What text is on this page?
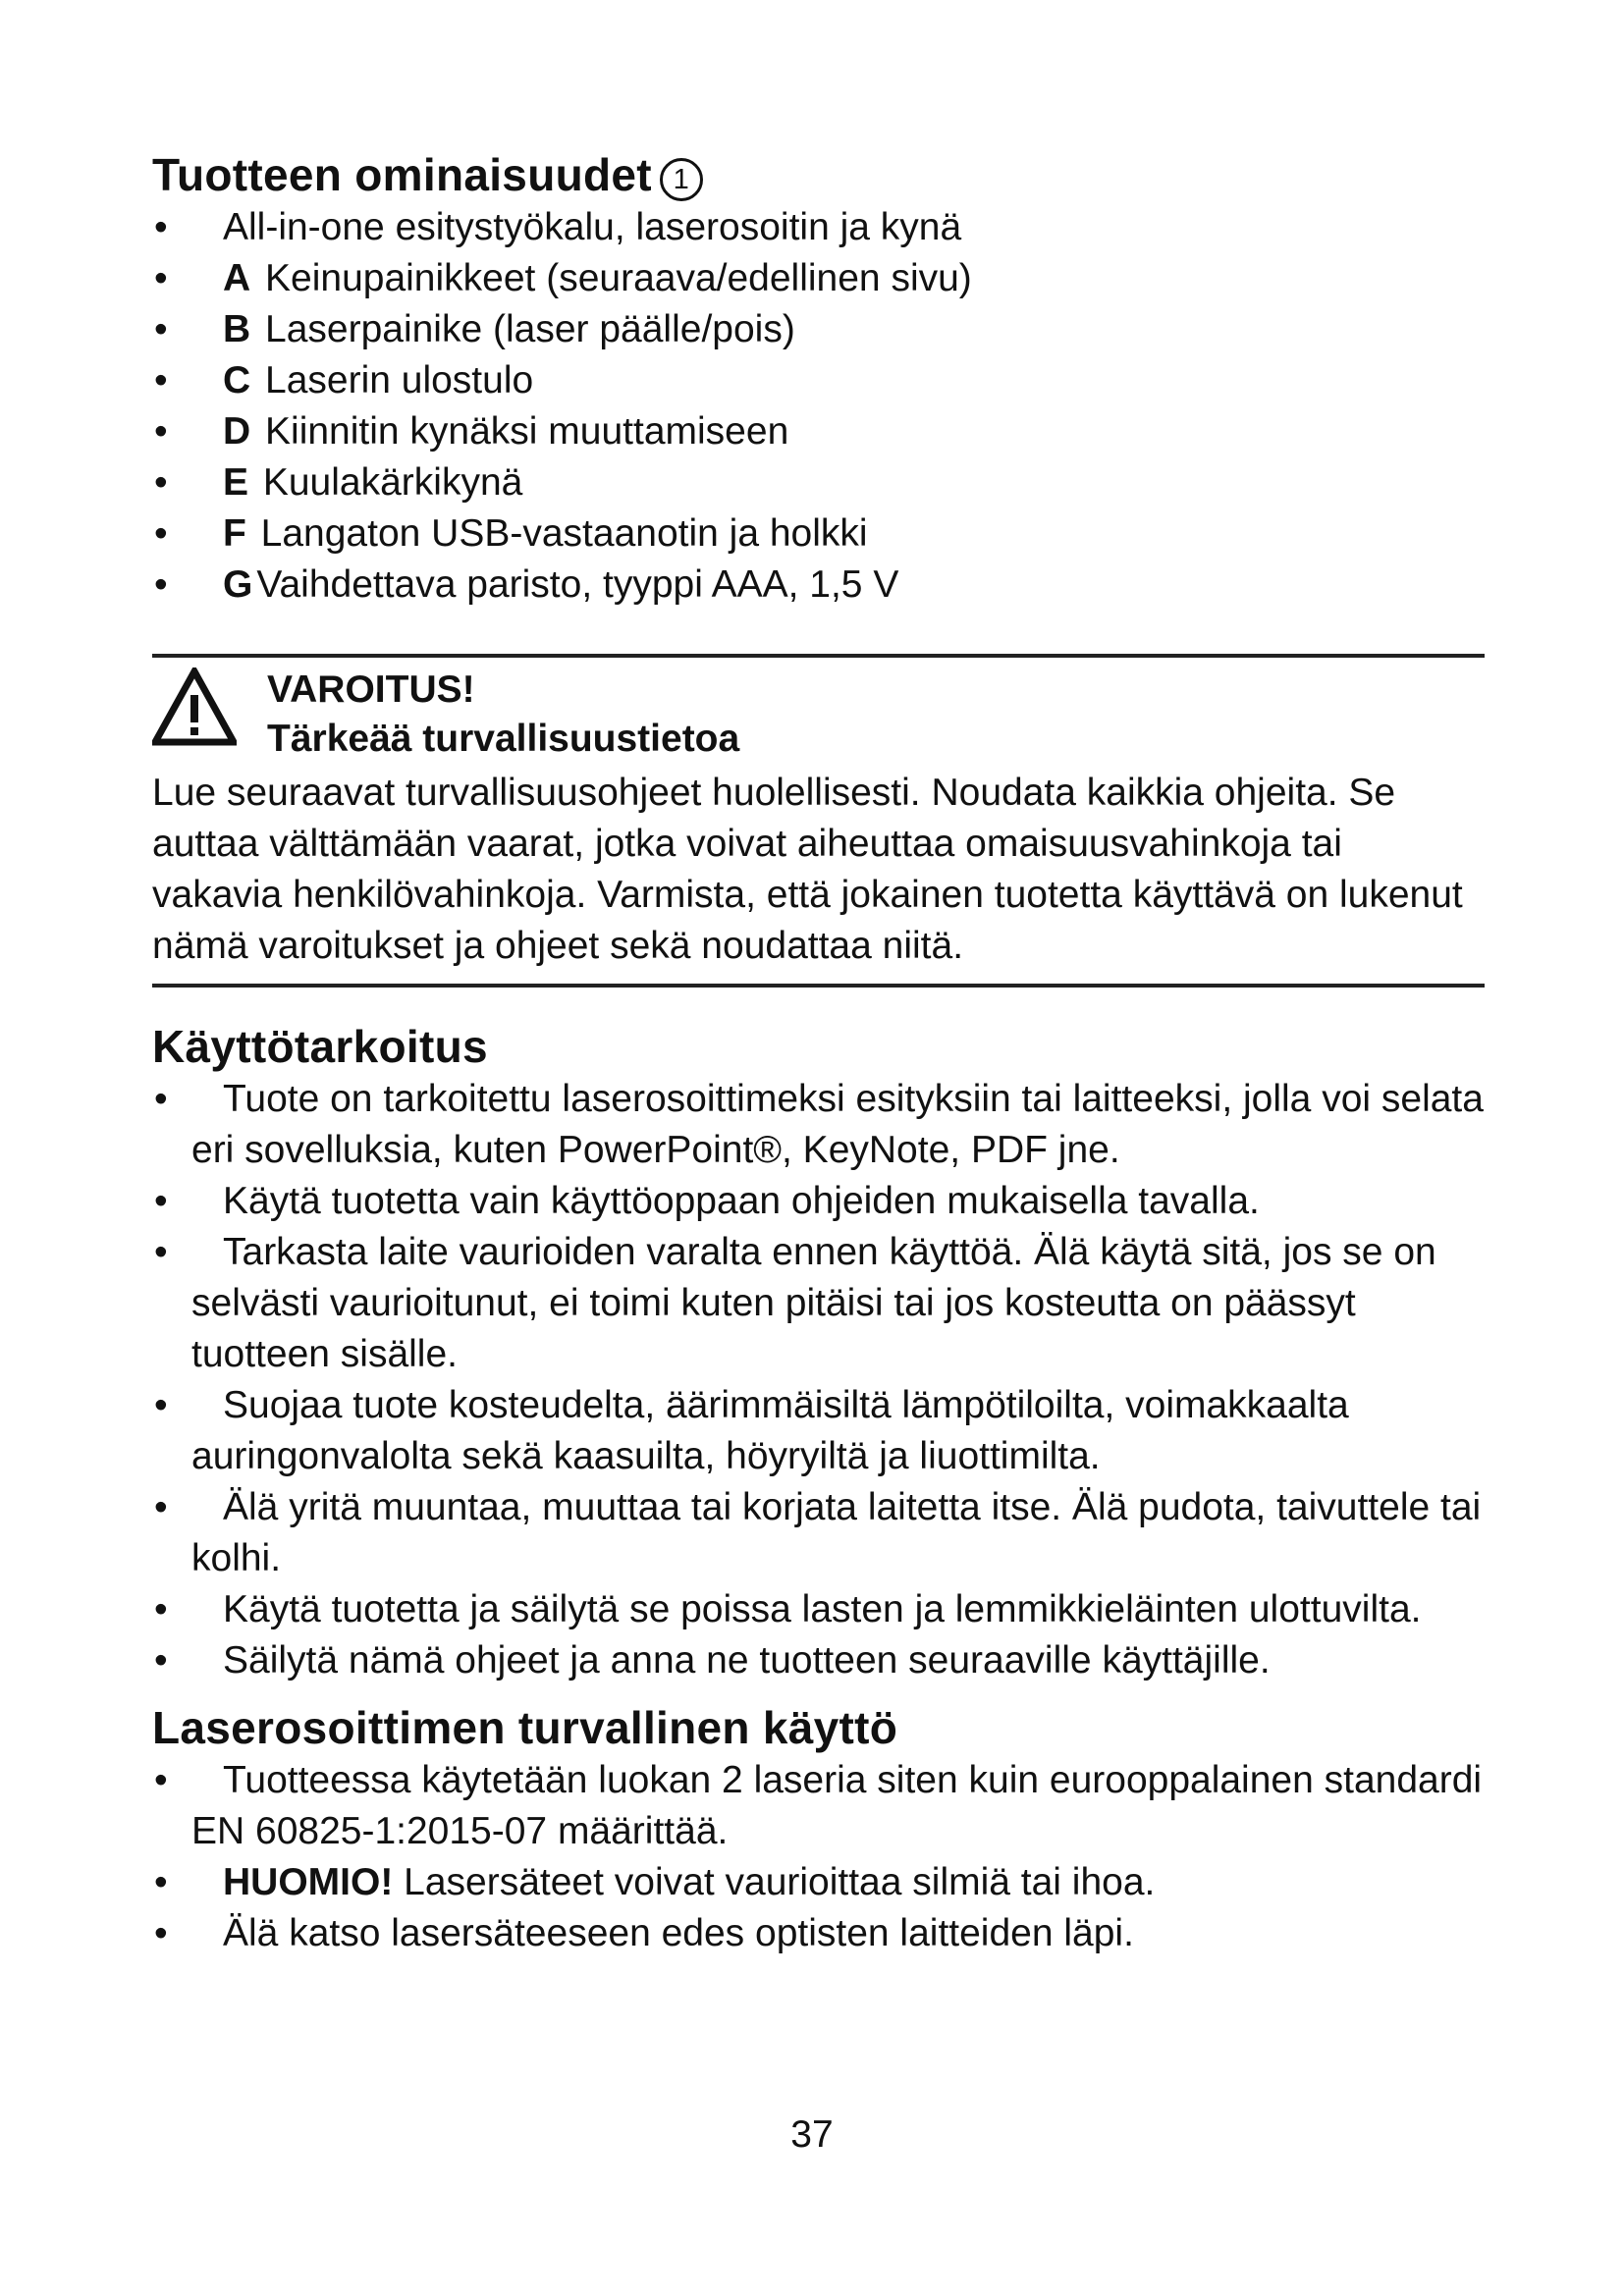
Tuotteen ominaisuudet 1
• All-in-one esitystyökalu, laserosoitin ja kynä
• A Keinupainikkeet (seuraava/edellinen sivu)
• B Laserpainike (laser päälle/pois)
• C Laserin ulostulo
• D Kiinnitin kynäksi muuttamiseen
• E Kuulakärkikynä
• F Langaton USB-vastaanotin ja holkki
• G Vaihdettava paristo, tyyppi AAA, 1,5 V
VAROITUS!
Tärkeää turvallisuustietoa

Lue seuraavat turvallisuusohjeet huolellisesti. Noudata kaikkia ohjeita. Se auttaa välttämään vaarat, jotka voivat aiheuttaa omaisuusvahinkoja tai vakavia henkilövahinkoja. Varmista, että jokainen tuotetta käyttävä on lukenut nämä varoitukset ja ohjeet sekä noudattaa niitä.

Käyttötarkoitus
• Tuote on tarkoitettu laserosoittimeksi esityksiin tai laitteeksi, jolla voi selata eri sovelluksia, kuten PowerPoint®, KeyNote, PDF jne.
• Käytä tuotetta vain käyttöoppaan ohjeiden mukaisella tavalla.
• Tarkasta laite vaurioiden varalta ennen käyttöä. Älä käytä sitä, jos se on selvästi vaurioitunut, ei toimi kuten pitäisi tai jos kosteutta on päässyt tuotteen sisälle.
• Suojaa tuote kosteudelta, äärimmäisiltä lämpötiloilta, voimakkaalta auringonvalolta sekä kaasuilta, höyryiltä ja liuottimilta.
• Älä yritä muuntaa, muuttaa tai korjata laitetta itse. Älä pudota, taivuttele tai kolhi.
• Käytä tuotetta ja säilytä se poissa lasten ja lemmikkieläinten ulottuvilta.
• Säilytä nämä ohjeet ja anna ne tuotteen seuraaville käyttäjille.
Laserosoittimen turvallinen käyttö
• Tuotteessa käytetään luokan 2 laseria siten kuin eurooppalainen standardi EN 60825-1:2015-07 määrittää.
• HUOMIO! Lasersäteet voivat vaurioittaa silmiä tai ihoa.
• Älä katso lasersäteeseen edes optisten laitteiden läpi.
37
